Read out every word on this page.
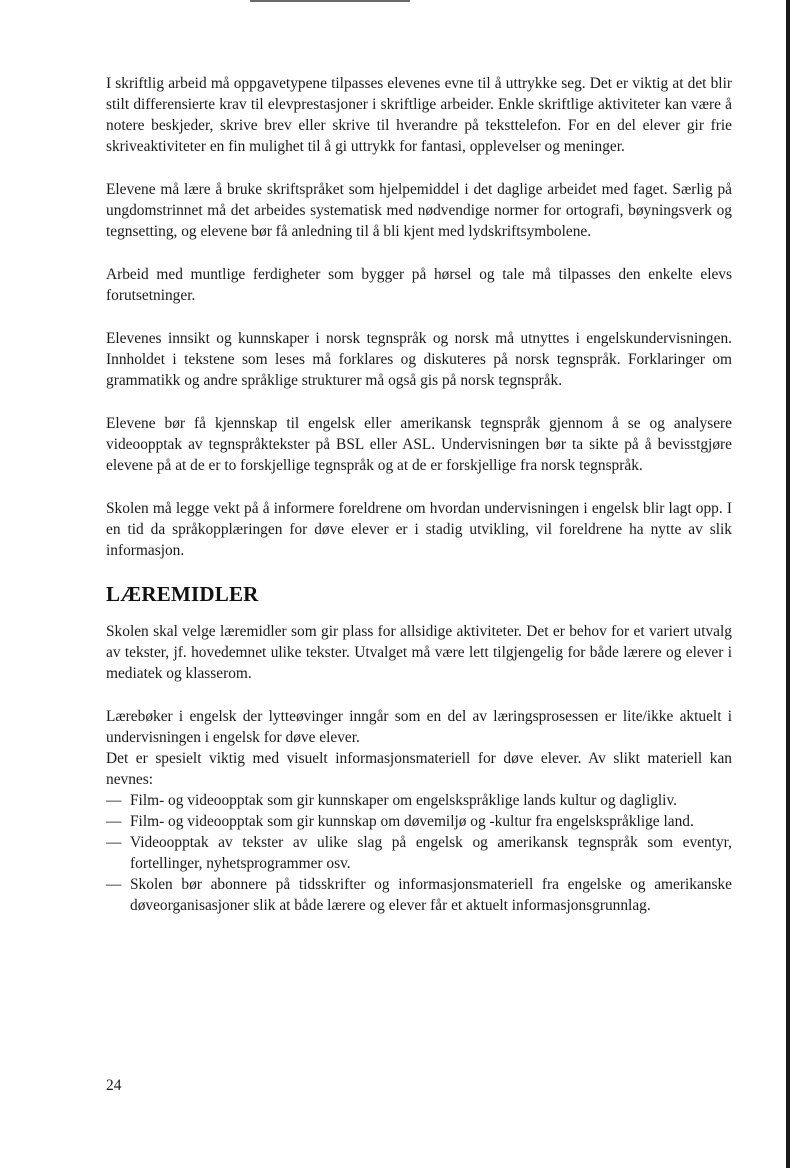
I skriftlig arbeid må oppgavetypene tilpasses elevenes evne til å uttrykke seg. Det er viktig at det blir stilt differensierte krav til elevprestasjoner i skriftlige arbeider. Enkle skriftlige aktiviteter kan være å notere beskjeder, skrive brev eller skrive til hverandre på teksttelefon. For en del elever gir frie skriveaktiviteter en fin mulighet til å gi uttrykk for fantasi, opplevelser og meninger.

Elevene må lære å bruke skriftspråket som hjelpemiddel i det daglige arbeidet med faget. Særlig på ungdomstrinnet må det arbeides systematisk med nødvendige normer for ortografi, bøyningsverk og tegnsetting, og elevene bør få anledning til å bli kjent med lydskriftsymbolene.

Arbeid med muntlige ferdigheter som bygger på hørsel og tale må tilpasses den enkelte elevs forutsetninger.

Elevenes innsikt og kunnskaper i norsk tegnspråk og norsk må utnyttes i engelskundervisningen. Innholdet i tekstene som leses må forklares og diskuteres på norsk tegnspråk. Forklaringer om grammatikk og andre språklige strukturer må også gis på norsk tegnspråk.

Elevene bør få kjennskap til engelsk eller amerikansk tegnspråk gjennom å se og analysere videoopptak av tegnspråktekster på BSL eller ASL. Undervisningen bør ta sikte på å bevisstgjøre elevene på at de er to forskjellige tegnspråk og at de er forskjellige fra norsk tegnspråk.

Skolen må legge vekt på å informere foreldrene om hvordan undervisningen i engelsk blir lagt opp. I en tid da språkopplæringen for døve elever er i stadig utvikling, vil foreldrene ha nytte av slik informasjon.

LÆREMIDLER

Skolen skal velge læremidler som gir plass for allsidige aktiviteter. Det er behov for et variert utvalg av tekster, jf. hovedemnet ulike tekster. Utvalget må være lett tilgjengelig for både lærere og elever i mediatek og klasserom.

Lærebøker i engelsk der lytteøvinger inngår som en del av læringsprosessen er lite/ikke aktuelt i undervisningen i engelsk for døve elever.

Det er spesielt viktig med visuelt informasjonsmateriell for døve elever. Av slikt materiell kan nevnes:

— Film- og videoopptak som gir kunnskaper om engelskspråklige lands kultur og dagligliv.
— Film- og videoopptak som gir kunnskap om døvemiljø og -kultur fra engelskspråklige land.
— Videoopptak av tekster av ulike slag på engelsk og amerikansk tegnspråk som eventyr, fortellinger, nyhetsprogrammer osv.
— Skolen bør abonnere på tidsskrifter og informasjonsmateriell fra engelske og amerikanske døveorganisasjoner slik at både lærere og elever får et aktuelt informasjonsgrunnlag.
24
